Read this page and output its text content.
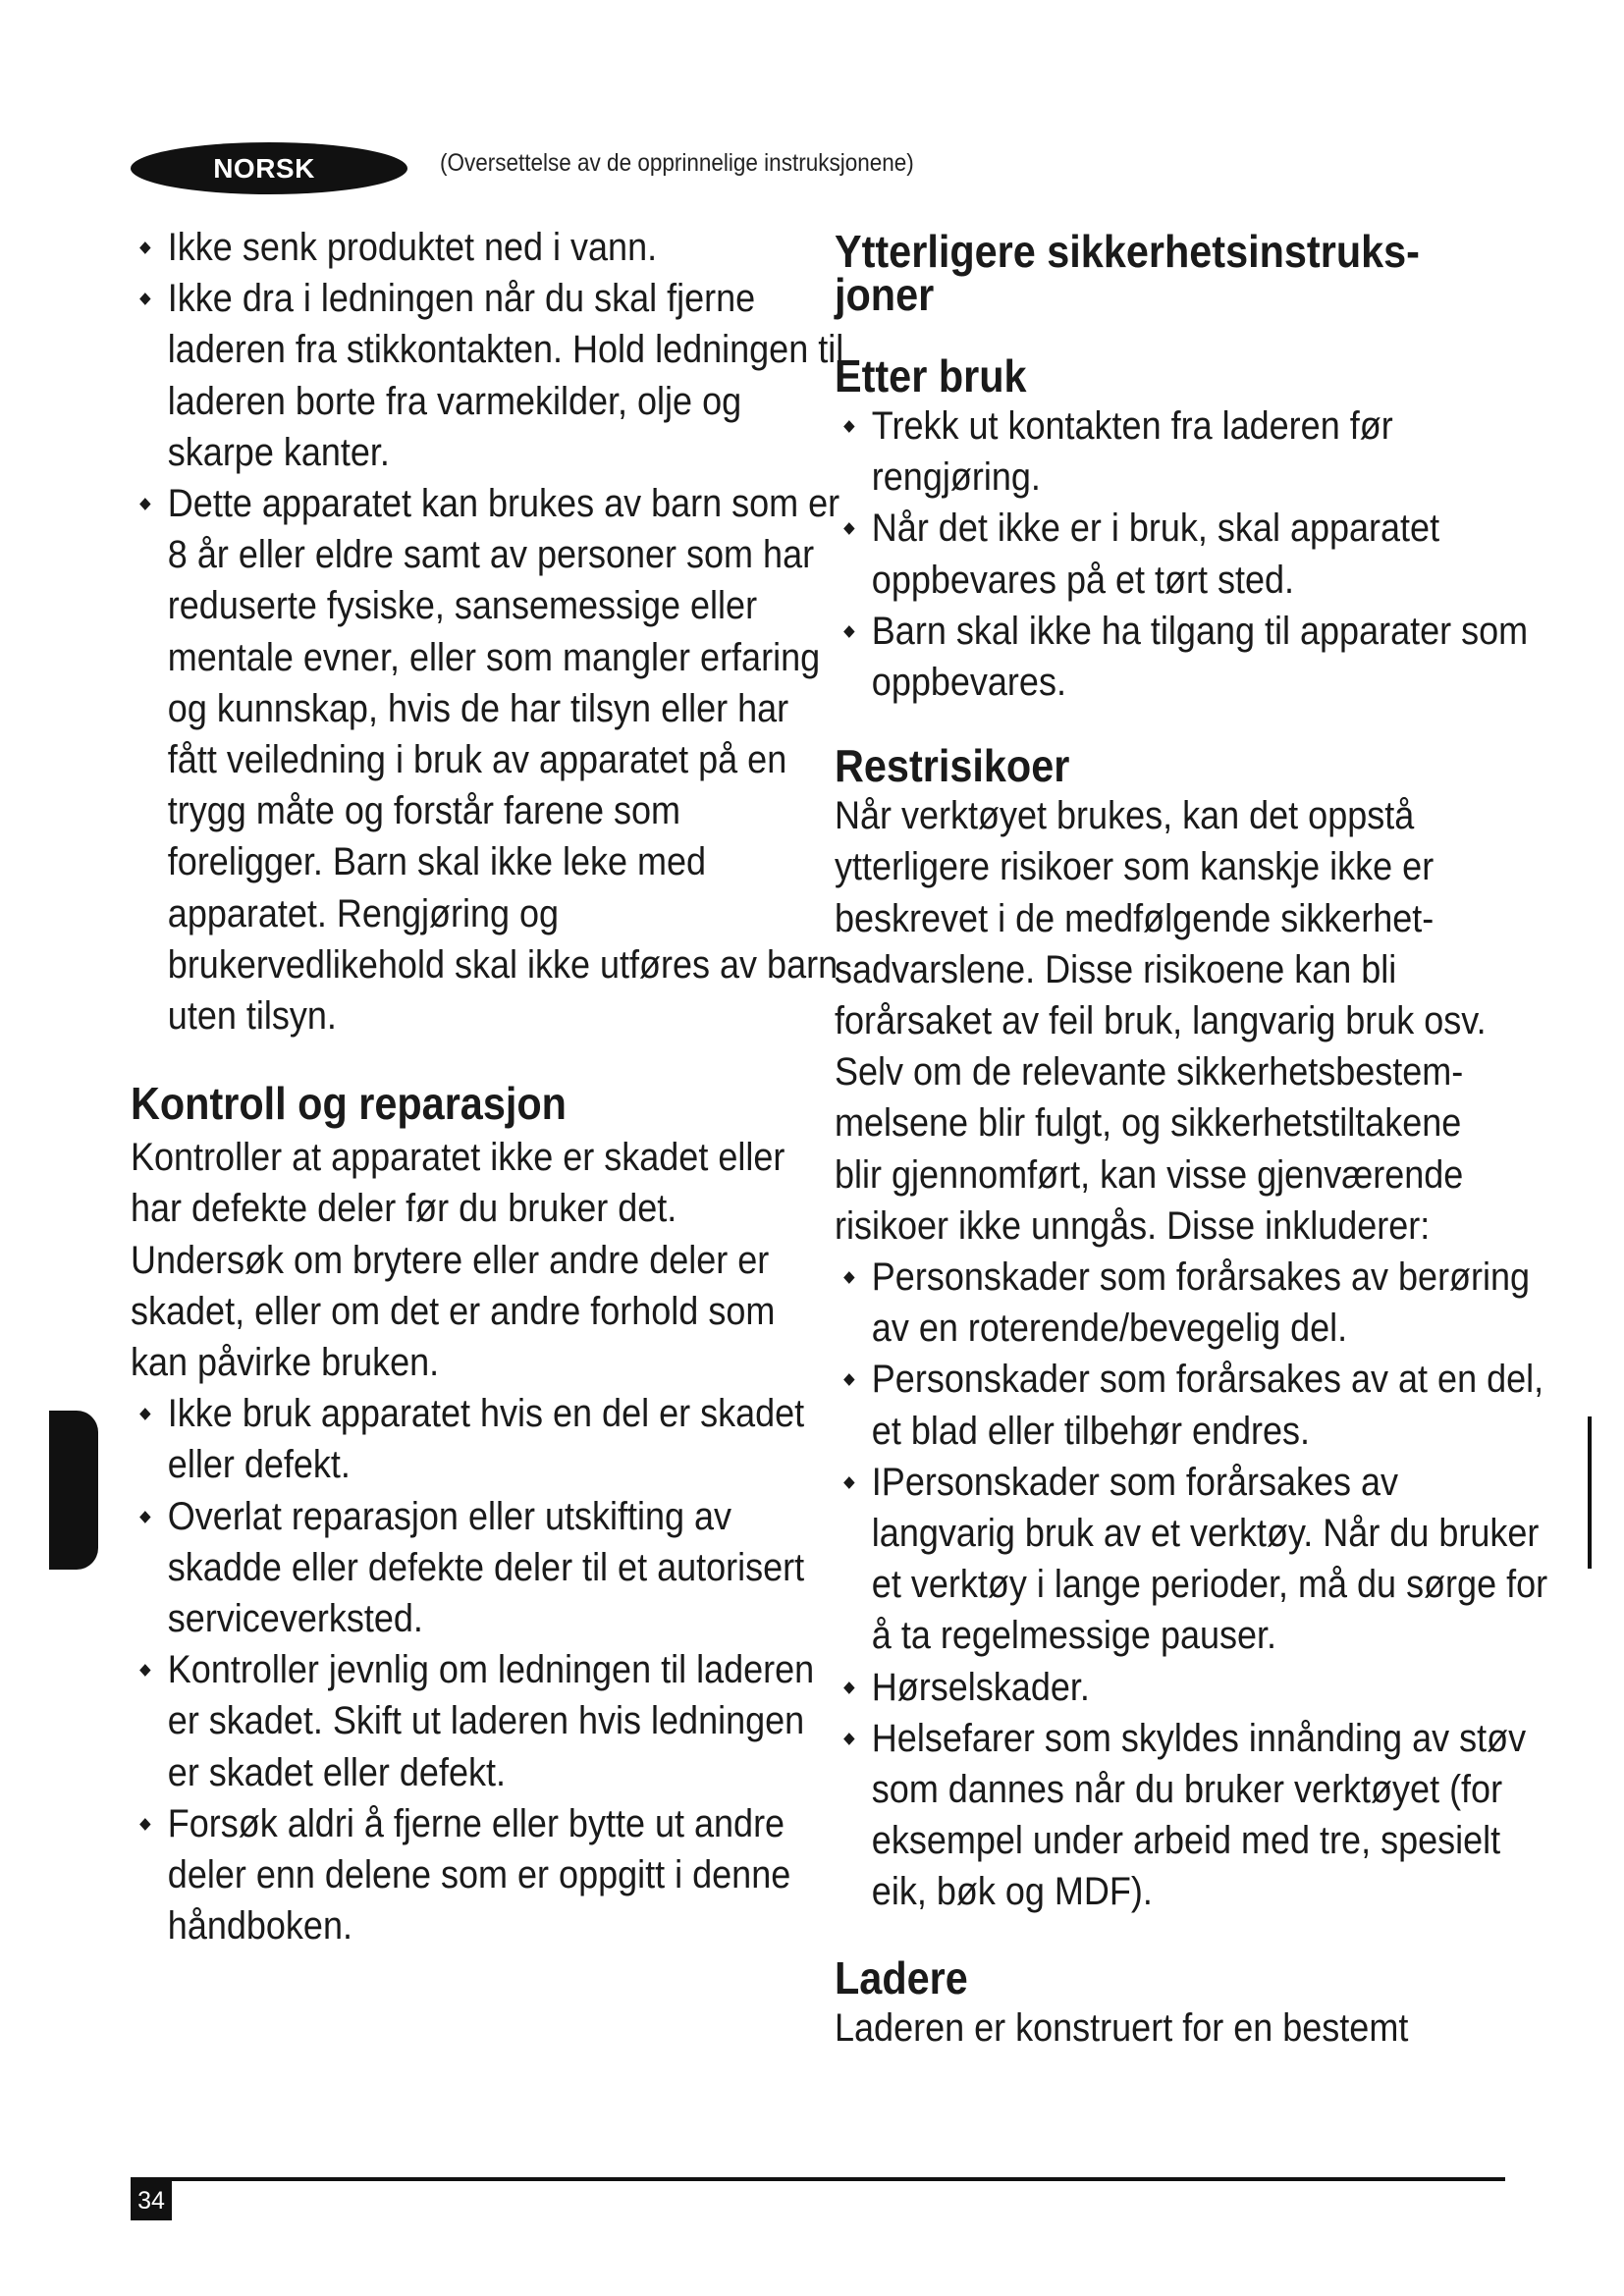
NORSK	(Oversettelse av de opprinnelige instruksjonene)
Ikke senk produktet ned i vann.
Ikke dra i ledningen når du skal fjerne laderen fra stikkontakten. Hold ledningen til laderen borte fra varmekilder, olje og skarpe kanter.
Dette apparatet kan brukes av barn som er 8 år eller eldre samt av personer som har reduserte fysiske, sansemessige eller mentale evner, eller som mangler erfaring og kunnskap, hvis de har tilsyn eller har fått veiledning i bruk av apparatet på en trygg måte og forstår farene som foreligger. Barn skal ikke leke med apparatet. Rengjøring og brukervedlikehold skal ikke utføres av barn uten tilsyn.
Kontroll og reparasjon

Kontroller at apparatet ikke er skadet eller har defekte deler før du bruker det. Undersøk om brytere eller andre deler er skadet, eller om det er andre forhold som kan påvirke bruken.

Ikke bruk apparatet hvis en del er skadet eller defekt.
Overlat reparasjon eller utskifting av skadde eller defekte deler til et autorisert serviceverksted.
Kontroller jevnlig om ledningen til laderen er skadet. Skift ut laderen hvis ledningen er skadet eller defekt.
Forsøk aldri å fjerne eller bytte ut andre deler enn delene som er oppgitt i denne håndboken.
Ytterligere sikkerhetsinstruks-
joner
Etter bruk
Trekk ut kontakten fra laderen før rengjøring.
Når det ikke er i bruk, skal apparatet oppbevares på et tørt sted.
Barn skal ikke ha tilgang til apparater som oppbevares.
Restrisikoer

Når verktøyet brukes, kan det oppstå ytterligere risikoer som kanskje ikke er beskrevet i de medfølgende sikkerhet-sadvarslene. Disse risikoene kan bli forårsaket av feil bruk, langvarig bruk osv. Selv om de relevante sikkerhetsbestem-melsene blir fulgt, og sikkerhetstiltakene blir gjennomført, kan visse gjenværende risikoer ikke unngås. Disse inkluderer:

Personskader som forårsakes av berøring av en roterende/bevegelig del.
Personskader som forårsakes av at en del, et blad eller tilbehør endres.
IPersonskader som forårsakes av langvarig bruk av et verktøy. Når du bruker et verktøy i lange perioder, må du sørge for å ta regelmessige pauser.
Hørselskader.
Helsefarer som skyldes innånding av støv som dannes når du bruker verktøyet (for eksempel under arbeid med tre, spesielt eik, bøk og MDF).
Ladere

Laderen er konstruert for en bestemt

34
